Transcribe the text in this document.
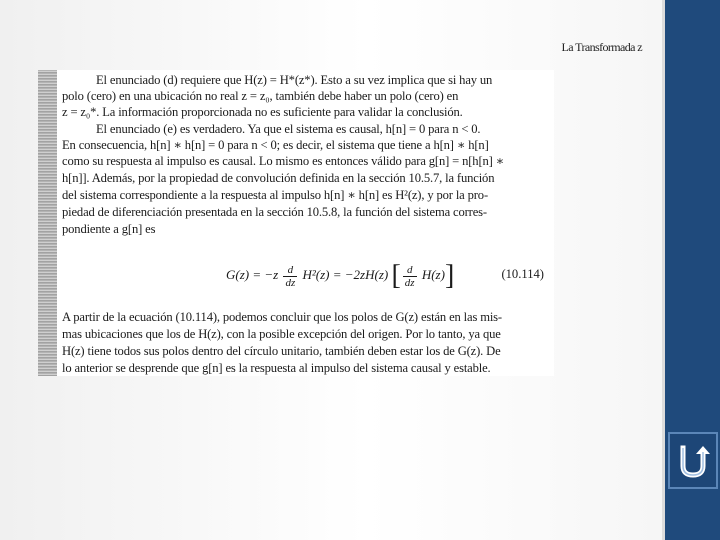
La Transformada z
El enunciado (d) requiere que H(z) = H*(z*). Esto a su vez implica que si hay un
polo (cero) en una ubicación no real z = z₀, también debe haber un polo (cero) en
z = z₀*. La información proporcionada no es suficiente para validar la conclusión.
El enunciado (e) es verdadero. Ya que el sistema es causal, h[n] = 0 para n < 0.
En consecuencia, h[n] ∗ h[n] = 0 para n < 0; es decir, el sistema que tiene a h[n] ∗ h[n]
como su respuesta al impulso es causal. Lo mismo es entonces válido para g[n] = n[h[n] ∗
h[n]]. Además, por la propiedad de convolución definida en la sección 10.5.7, la función
del sistema correspondiente a la respuesta al impulso h[n] ∗ h[n] es H²(z), y por la pro-
piedad de diferenciación presentada en la sección 10.5.8, la función del sistema corres-
pondiente a g[n] es
$G(z) = -z \frac{d}{dz} H^2(z) = -2zH(z)$ [ $\frac{d}{dz} H(z)$]	(10.114)
A partir de la ecuación (10.114), podemos concluir que los polos de G(z) están en las mis-
mas ubicaciones que los de H(z), con la posible excepción del origen. Por lo tanto, ya que
H(z) tiene todos sus polos dentro del círculo unitario, también deben estar los de G(z). De
lo anterior se desprende que g[n] es la respuesta al impulso del sistema causal y estable.
